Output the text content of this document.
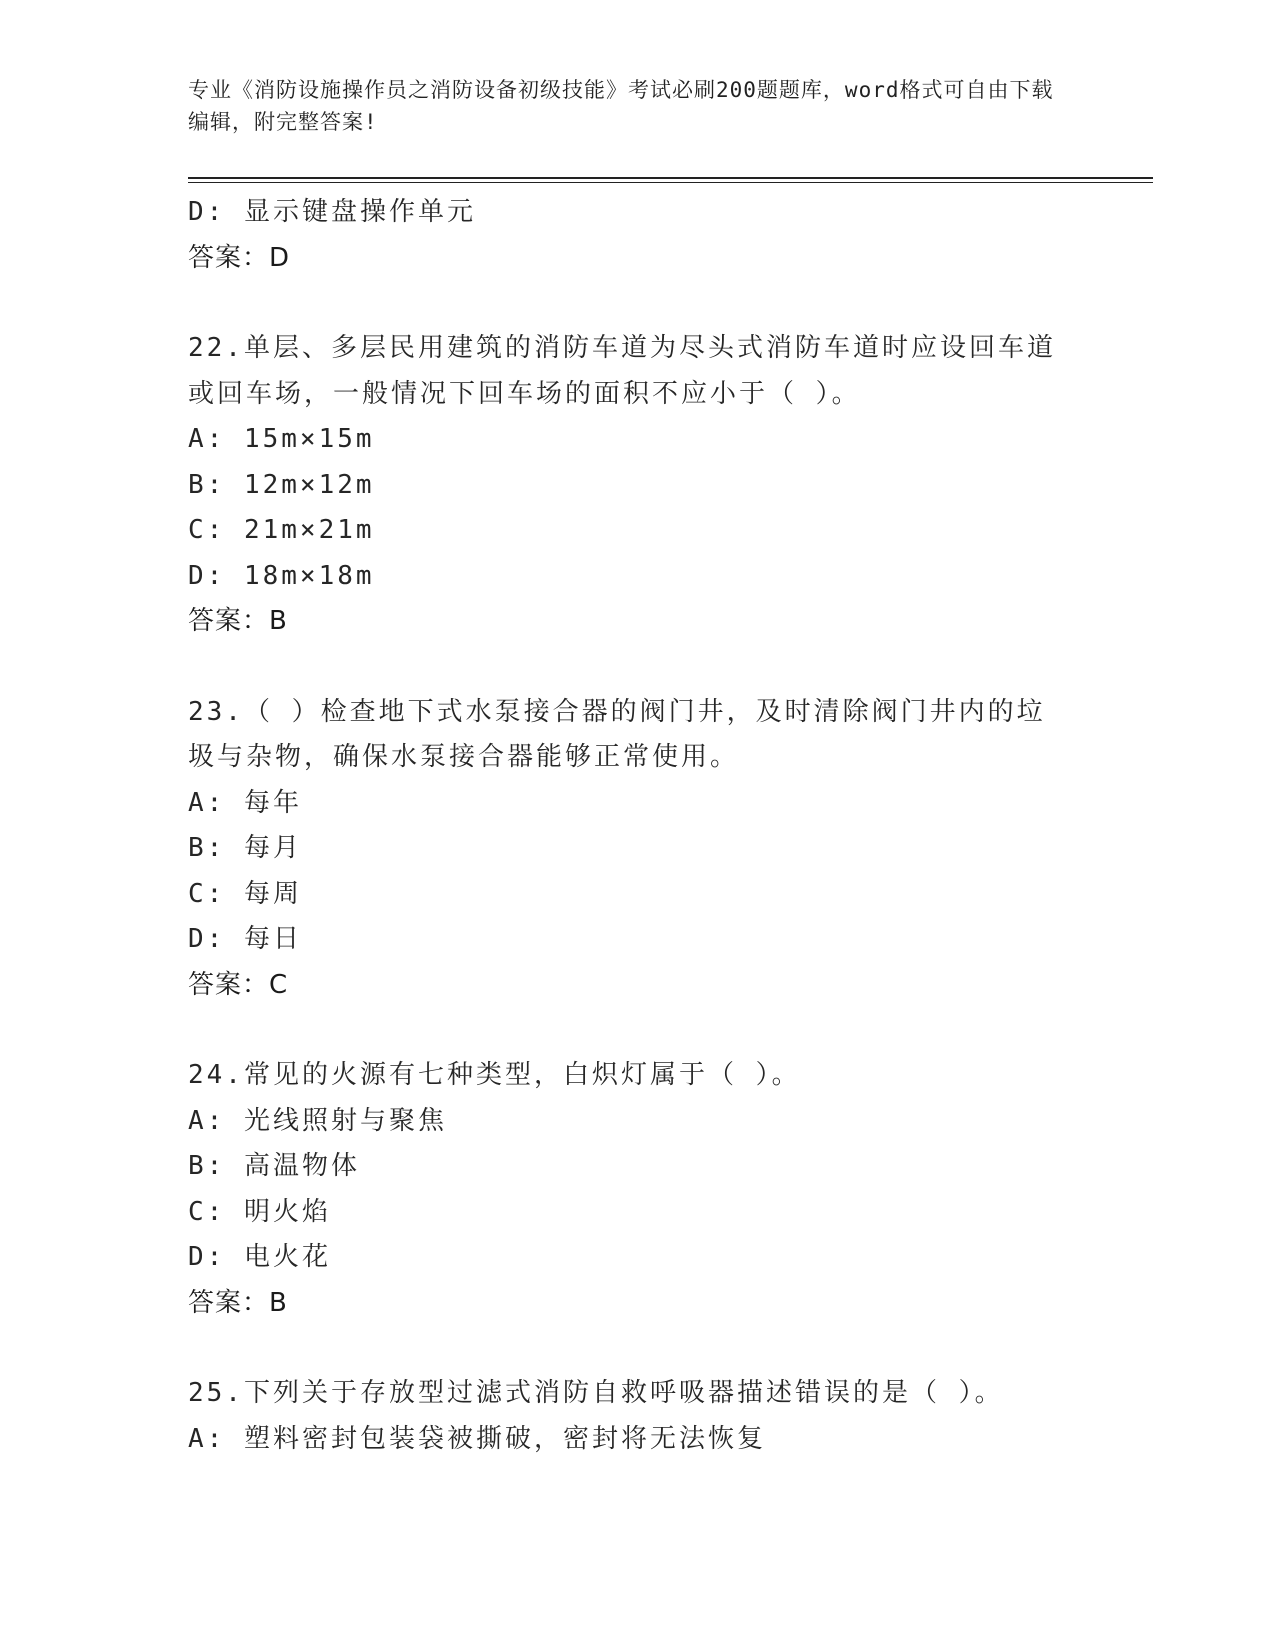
专业《消防设施操作员之消防设备初级技能》考试必刷200题题库，word格式可自由下载编辑，附完整答案!
D: 显示键盘操作单元
答案：D
22.单层、多层民用建筑的消防车道为尽头式消防车道时应设回车道或回车场，一般情况下回车场的面积不应小于（ ）。
A: 15m×15m
B: 12m×12m
C: 21m×21m
D: 18m×18m
答案：B
23.（ ）检查地下式水泵接合器的阀门井，及时清除阀门井内的垃圾与杂物，确保水泵接合器能够正常使用。
A: 每年
B: 每月
C: 每周
D: 每日
答案：C
24.常见的火源有七种类型，白炽灯属于（ ）。
A: 光线照射与聚焦
B: 高温物体
C: 明火焰
D: 电火花
答案：B
25.下列关于存放型过滤式消防自救呼吸器描述错误的是（ ）。
A: 塑料密封包装袋被撕破，密封将无法恢复
